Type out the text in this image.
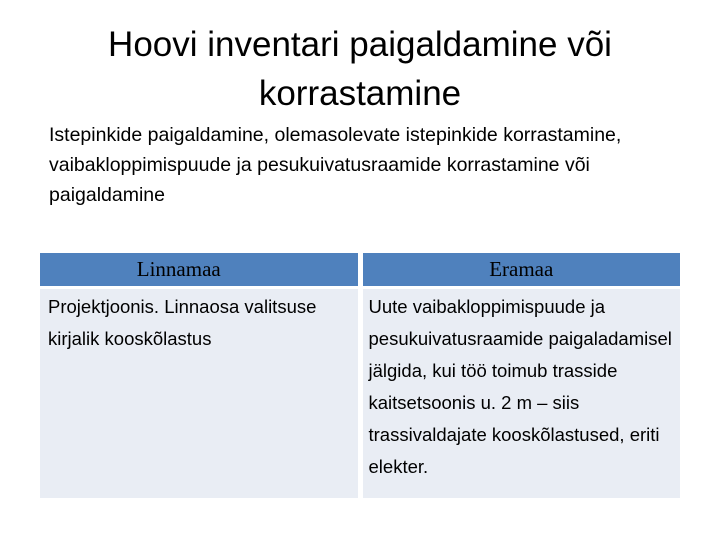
Hoovi inventari paigaldamine või korrastamine

Istepinkide paigaldamine, olemasolevate istepinkide korrastamine, vaibakloppimispuude ja pesukuivatusraamide korrastamine või paigaldamine

Linnamaa	Eramaa
Projektjoonis. Linnaosa valitsuse kirjalik kooskõlastus	Uute vaibakloppimispuude ja pesukuivatusraamide paigaladamisel jälgida, kui töö toimub trasside kaitsetsoonis u. 2 m – siis trassivaldajate kooskõlastused, eriti elekter.
